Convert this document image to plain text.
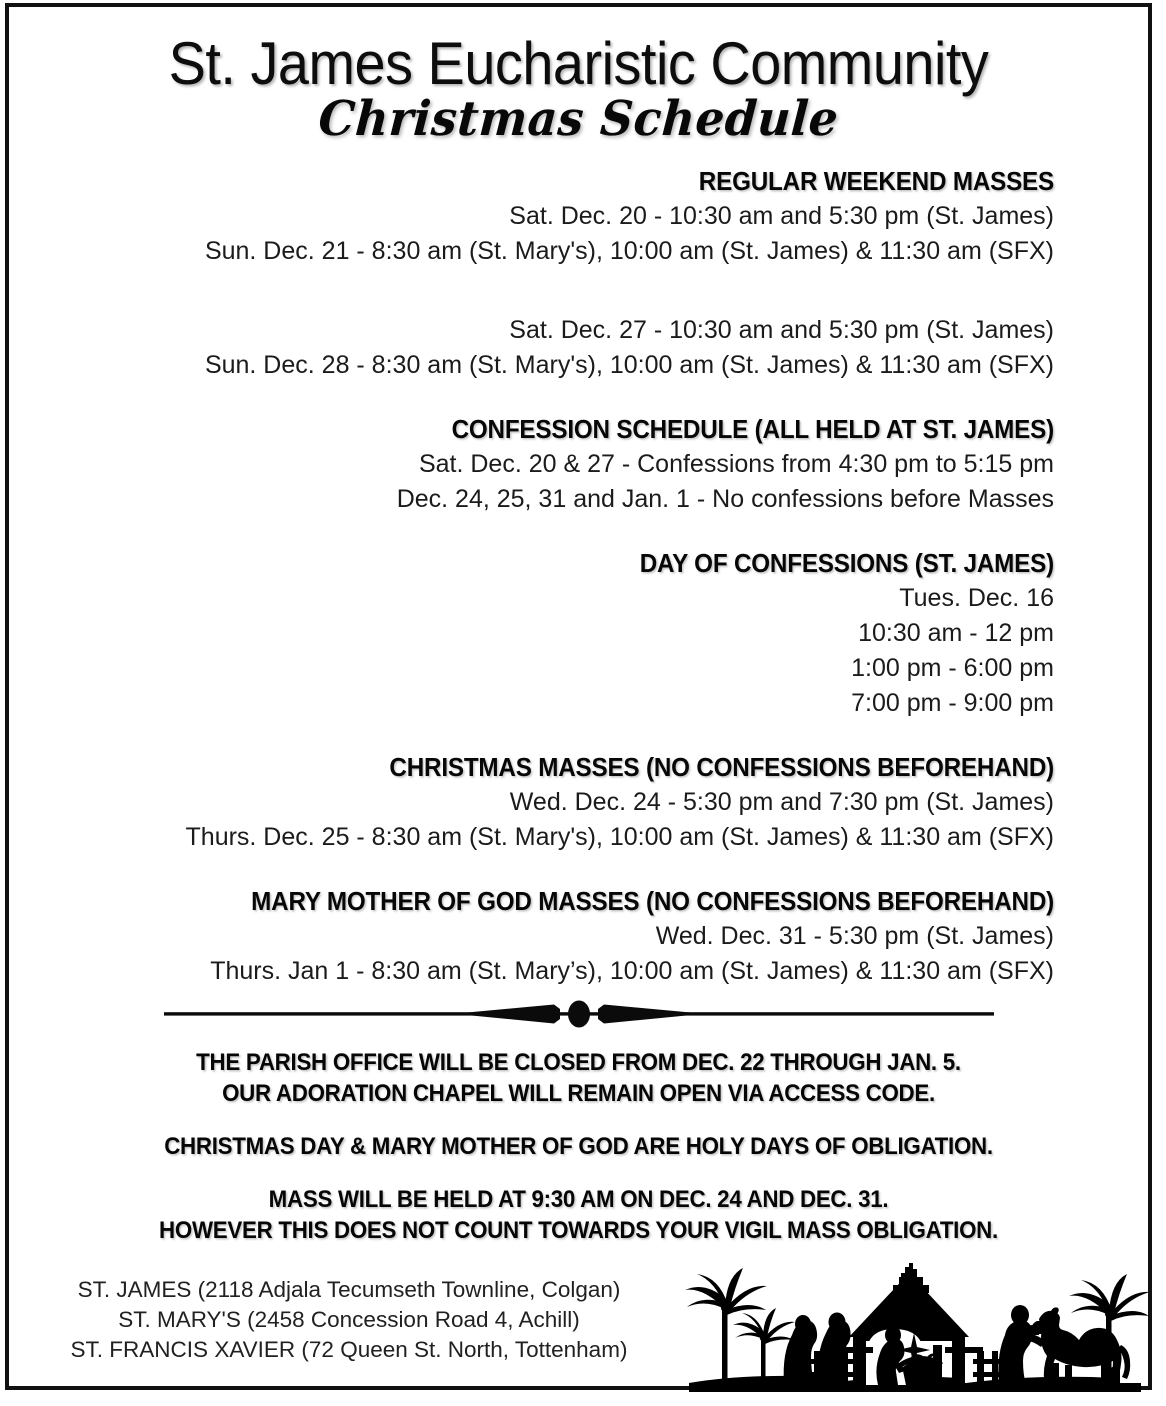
St. James Eucharistic Community
Christmas Schedule
REGULAR WEEKEND MASSES
Sat. Dec. 20 - 10:30 am and 5:30 pm (St. James)
Sun. Dec. 21 - 8:30 am (St. Mary's), 10:00 am (St. James) & 11:30 am (SFX)
Sat. Dec. 27 - 10:30 am and 5:30 pm (St. James)
Sun. Dec. 28 - 8:30 am (St. Mary's), 10:00 am (St. James) & 11:30 am (SFX)
CONFESSION SCHEDULE (ALL HELD AT ST. JAMES)
Sat. Dec. 20 & 27 - Confessions from 4:30 pm to 5:15 pm
Dec. 24, 25, 31 and Jan. 1 - No confessions before Masses
DAY OF CONFESSIONS (ST. JAMES)
Tues. Dec. 16
10:30 am - 12 pm
1:00 pm - 6:00 pm
7:00 pm - 9:00 pm
CHRISTMAS MASSES (NO CONFESSIONS BEFOREHAND)
Wed. Dec. 24 - 5:30 pm and 7:30 pm (St. James)
Thurs. Dec. 25 - 8:30 am (St. Mary's), 10:00 am (St. James) & 11:30 am (SFX)
MARY MOTHER OF GOD MASSES (NO CONFESSIONS BEFOREHAND)
Wed. Dec. 31 - 5:30 pm (St. James)
Thurs. Jan 1 - 8:30 am (St. Mary’s), 10:00 am (St. James) & 11:30 am (SFX)
THE PARISH OFFICE WILL BE CLOSED FROM DEC. 22 THROUGH JAN. 5.
OUR ADORATION CHAPEL WILL REMAIN OPEN VIA ACCESS CODE.
CHRISTMAS DAY & MARY MOTHER OF GOD ARE HOLY DAYS OF OBLIGATION.
MASS WILL BE HELD AT 9:30 AM ON DEC. 24 AND DEC. 31.
HOWEVER THIS DOES NOT COUNT TOWARDS YOUR VIGIL MASS OBLIGATION.
ST. JAMES (2118 Adjala Tecumseth Townline, Colgan)
ST. MARY'S (2458 Concession Road 4, Achill)
ST. FRANCIS XAVIER (72 Queen St. North, Tottenham)
